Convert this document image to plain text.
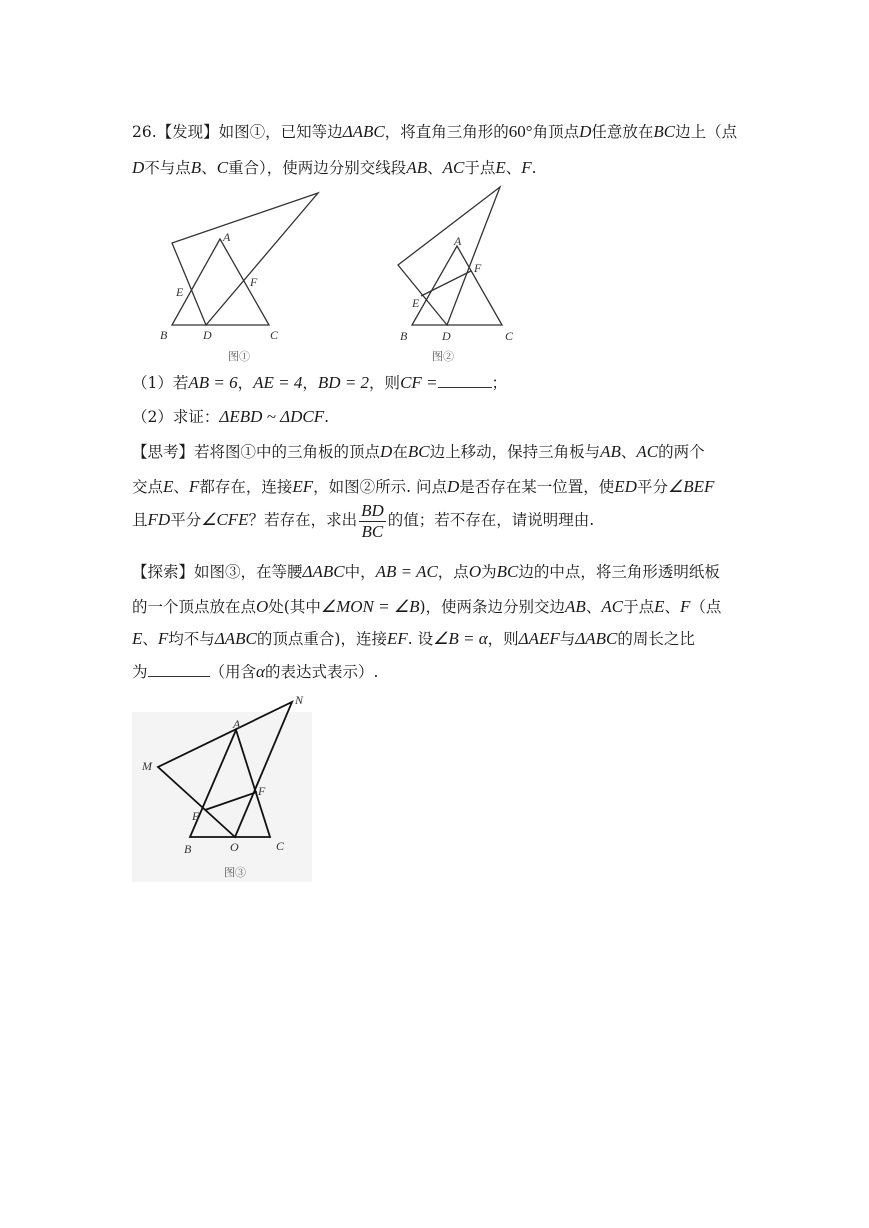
26.【发现】如图①，已知等边ΔABC，将直角三角形的60°角顶点D任意放在BC边上（点
D不与点B、C重合），使两边分别交线段AB、AC于点E、F.
A
B	C
D
E
F
图①
A
B	C
D
E
F
图②
（1）若AB = 6，AE = 4，BD = 2，则CF =	；
（2）求证：ΔEBD ~ ΔDCF.
【思考】若将图①中的三角板的顶点D在BC边上移动，保持三角板与AB、AC的两个
交点E、F都存在，连接EF，如图②所示. 问点D是否存在某一位置，使ED平分∠BEF
且FD平分∠CFE？若存在，求出 $\frac{BD}{BC}$ 的值；若不存在，请说明理由.
【探索】如图③，在等腰ΔABC中，AB = AC，点O为BC边的中点，将三角形透明纸板
的一个顶点放在点O处(其中∠MON = ∠B)，使两条边分别交边AB、AC于点E、F（点
E、F均不与ΔABC的顶点重合)，连接EF. 设∠B = α，则ΔAEF与ΔABC的周长之比
为	（用含α的表达式表示）.
A
B	C
O
E
F
M
N
图③
